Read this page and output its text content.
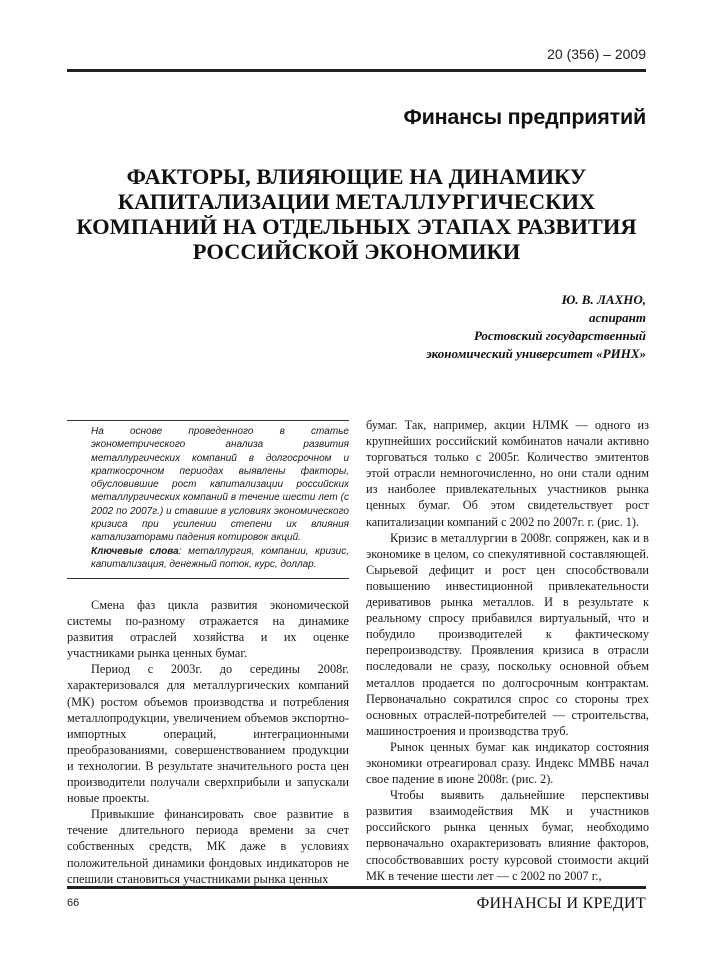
20 (356) – 2009
Финансы предприятий
ФАКТОРЫ, ВЛИЯЮЩИЕ НА ДИНАМИКУ
КАПИТАЛИЗАЦИИ МЕТАЛЛУРГИЧЕСКИХ
КОМПАНИЙ НА ОТДЕЛЬНЫХ ЭТАПАХ РАЗВИТИЯ
РОССИЙСКОЙ ЭКОНОМИКИ
Ю. В. ЛАХНО,
аспирант
Ростовский государственный
экономический университет «РИНХ»

На основе проведенного в статье эконометрического анализа развития металлургических компаний в долгосрочном и краткосрочном периодах выявлены факторы, обусловившие рост капитализации российских металлургических компаний в течение шести лет (с 2002 по 2007г.) и ставшие в условиях экономического кризиса при усилении степени их влияния катализаторами падения котировок акций.

Ключевые слова: металлургия, компании, кризис, капитализация, денежный поток, курс, доллар.

Смена фаз цикла развития экономической системы по-разному отражается на динамике развития отраслей хозяйства и их оценке участниками рынка ценных бумаг.

Период с 2003г. до середины 2008г. характеризовался для металлургических компаний (МК) ростом объемов производства и потребления металлопродукции, увеличением объемов экспортно-импортных операций, интеграционными преобразованиями, совершенствованием продукции и технологии. В результате значительного роста цен производители получали сверхприбыли и запускали новые проекты.

Привыкшие финансировать свое развитие в течение длительного периода времени за счет собственных средств, МК даже в условиях положительной динамики фондовых индикаторов не спешили становиться участниками рынка ценных

бумаг. Так, например, акции НЛМК — одного из крупнейших российский комбинатов начали активно торговаться только с 2005г. Количество эмитентов этой отрасли немногочисленно, но они стали одним из наиболее привлекательных участников рынка ценных бумаг. Об этом свидетельствует рост капитализации компаний с 2002 по 2007г. г. (рис. 1).

Кризис в металлургии в 2008г. сопряжен, как и в экономике в целом, со спекулятивной составляющей. Сырьевой дефицит и рост цен способствовали повышению инвестиционной привлекательности деривативов рынка металлов. И в результате к реальному спросу прибавился виртуальный, что и побудило производителей к фактическому перепроизводству. Проявления кризиса в отрасли последовали не сразу, поскольку основной объем металлов продается по долгосрочным контрактам. Первоначально сократился спрос со стороны трех основных отраслей-потребителей — строительства, машиностроения и производства труб.

Рынок ценных бумаг как индикатор состояния экономики отреагировал сразу. Индекс ММВБ начал свое падение в июне 2008г. (рис. 2).

Чтобы выявить дальнейшие перспективы развития взаимодействия МК и участников российского рынка ценных бумаг, необходимо первоначально охарактеризовать влияние факторов, способствовавших росту курсовой стоимости акций МК в течение шести лет — с 2002 по 2007 г.,

66	ФИНАНСЫ И КРЕДИТ
